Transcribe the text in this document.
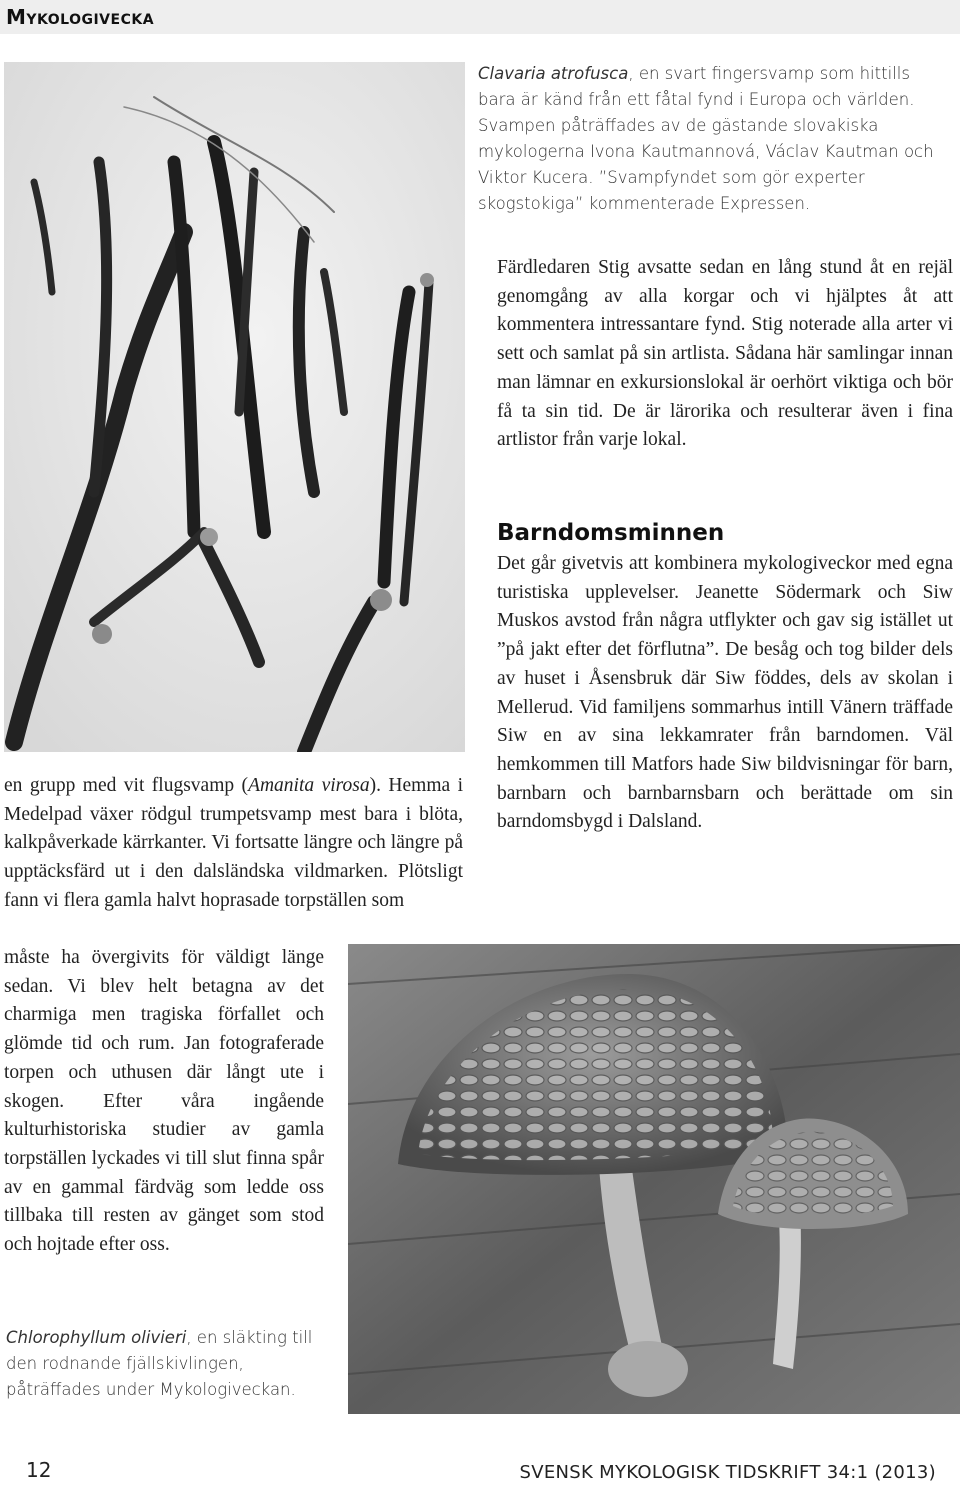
Mykologivecka
Clavaria atrofusca, en svart fingersvamp som hittills bara är känd från ett fåtal fynd i Europa och världen. Svampen påträffades av de gästande slovakiska mykologerna Ivona Kautmannová, Václav Kautman och Viktor Kucera. ”Svampfyndet som gör experter skogstokiga” kommenterade Expressen.
Färdledaren Stig avsatte sedan en lång stund åt en rejäl genomgång av alla korgar och vi hjälptes åt att kommentera intressantare fynd. Stig noterade alla arter vi sett och samlat på sin artlista. Sådana här samlingar innan man lämnar en exkursionslokal är oerhört viktiga och bör få ta sin tid. De är lärorika och resulterar även i fina artlistor från varje lokal.
Barndomsminnen
Det går givetvis att kombinera mykologiveckor med egna turistiska upplevelser. Jeanette Södermark och Siw Muskos avstod från några utflykter och gav sig istället ut ”på jakt efter det förflutna”. De besåg och tog bilder dels av huset i Åsensbruk där Siw föddes, dels av skolan i Mellerud. Vid familjens sommarhus intill Vänern träffade Siw en av sina lekkamrater från barndomen. Väl hemkommen till Matfors hade Siw bildvisningar för barn, barnbarn och barnbarnsbarn och berättade om sin barndomsbygd i Dalsland.
en grupp med vit flugsvamp (Amanita virosa). Hemma i Medelpad växer rödgul trumpetsvamp mest bara i blöta, kalkpåverkade kärrkanter. Vi fortsatte längre och längre på upptäcksfärd ut i den dalsländska vildmarken. Plötsligt fann vi flera gamla halvt hoprasade torpställen som
måste ha övergivits för väldigt länge sedan. Vi blev helt betagna av det charmiga men tragiska förfallet och glömde tid och rum. Jan fotograferade torpen och uthusen där långt ute i skogen. Efter våra ingående kulturhistoriska studier av gamla torpställen lyckades vi till slut finna spår av en gammal färdväg som ledde oss tillbaka till resten av gänget som stod och hojtade efter oss.
Chlorophyllum olivieri, en släkting till den rodnande fjällskivlingen, påträffades under Mykologiveckan.
12	SVENSK MYKOLOGISK TIDSKRIFT 34:1 (2013)
